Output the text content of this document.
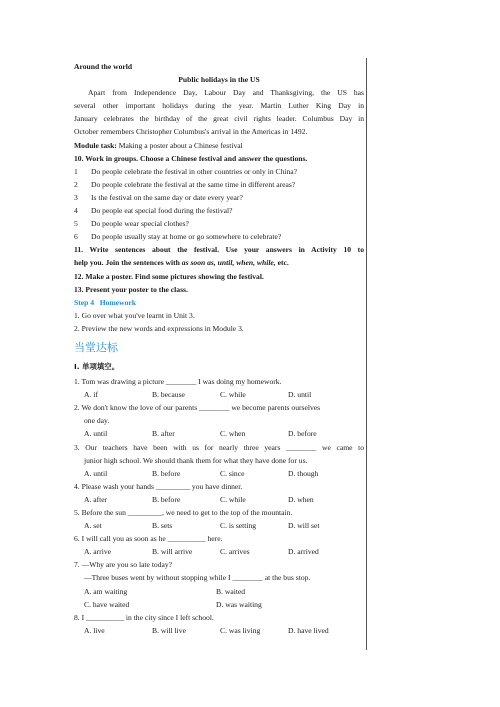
Around the world
Public holidays in the US
Apart from Independence Day, Labour Day and Thanksgiving, the US has
several other important holidays during the year. Martin Luther King Day in
January celebrates the birthday of the great civil rights leader. Columbus Day in
October remembers Christopher Columbus's arrival in the Americas in 1492.
Module task: Making a poster about a Chinese festival
10. Work in groups. Choose a Chinese festival and answer the questions.
1	Do people celebrate the festival in other countries or only in China?
2	Do people celebrate the festival at the same time in different areas?
3	Is the festival on the same day or date every year?
4	Do people eat special food during the festival?
5	Do people wear special clothes?
6	Do people usually stay at home or go somewhere to celebrate?
11. Write sentences about the festival. Use your answers in Activity 10 to
help you. Join the sentences with as soon as, until, when, while, etc.
12. Make a poster. Find some pictures showing the festival.
13. Present your poster to the class.
Step 4 Homework
1. Go over what you've learnt in Unit 3.
2. Preview the new words and expressions in Module 3.
当堂达标
Ⅰ. 单项填空。
1. Tom was drawing a picture ________ I was doing my homework.
A. if	B. because	C. while	D. until
2. We don't know the love of our parents ________ we become parents ourselves
one day.
A. until	B. after	C. when	D. before
3. Our teachers have been with us for nearly three years ________ we came to
junior high school. We should thank them for what they have done for us.
A. until	B. before	C. since	D. though
4. Please wash your hands _________ you have dinner.
A. after	B. before	C. while	D. when
5. Before the sun _________, we need to get to the top of the mountain.
A. set	B. sets	C. is setting	D. will set
6. I will call you as soon as he __________ here.
A. arrive	B. will arrive	C. arrives	D. arrived
7. —Why are you so late today?
—Three buses went by without stopping while I ________ at the bus stop.
A. am waiting	B. waited
C. have waited	D. was waiting
8. I __________ in the city since I left school.
A. live	B. will live	C. was living	D. have lived
